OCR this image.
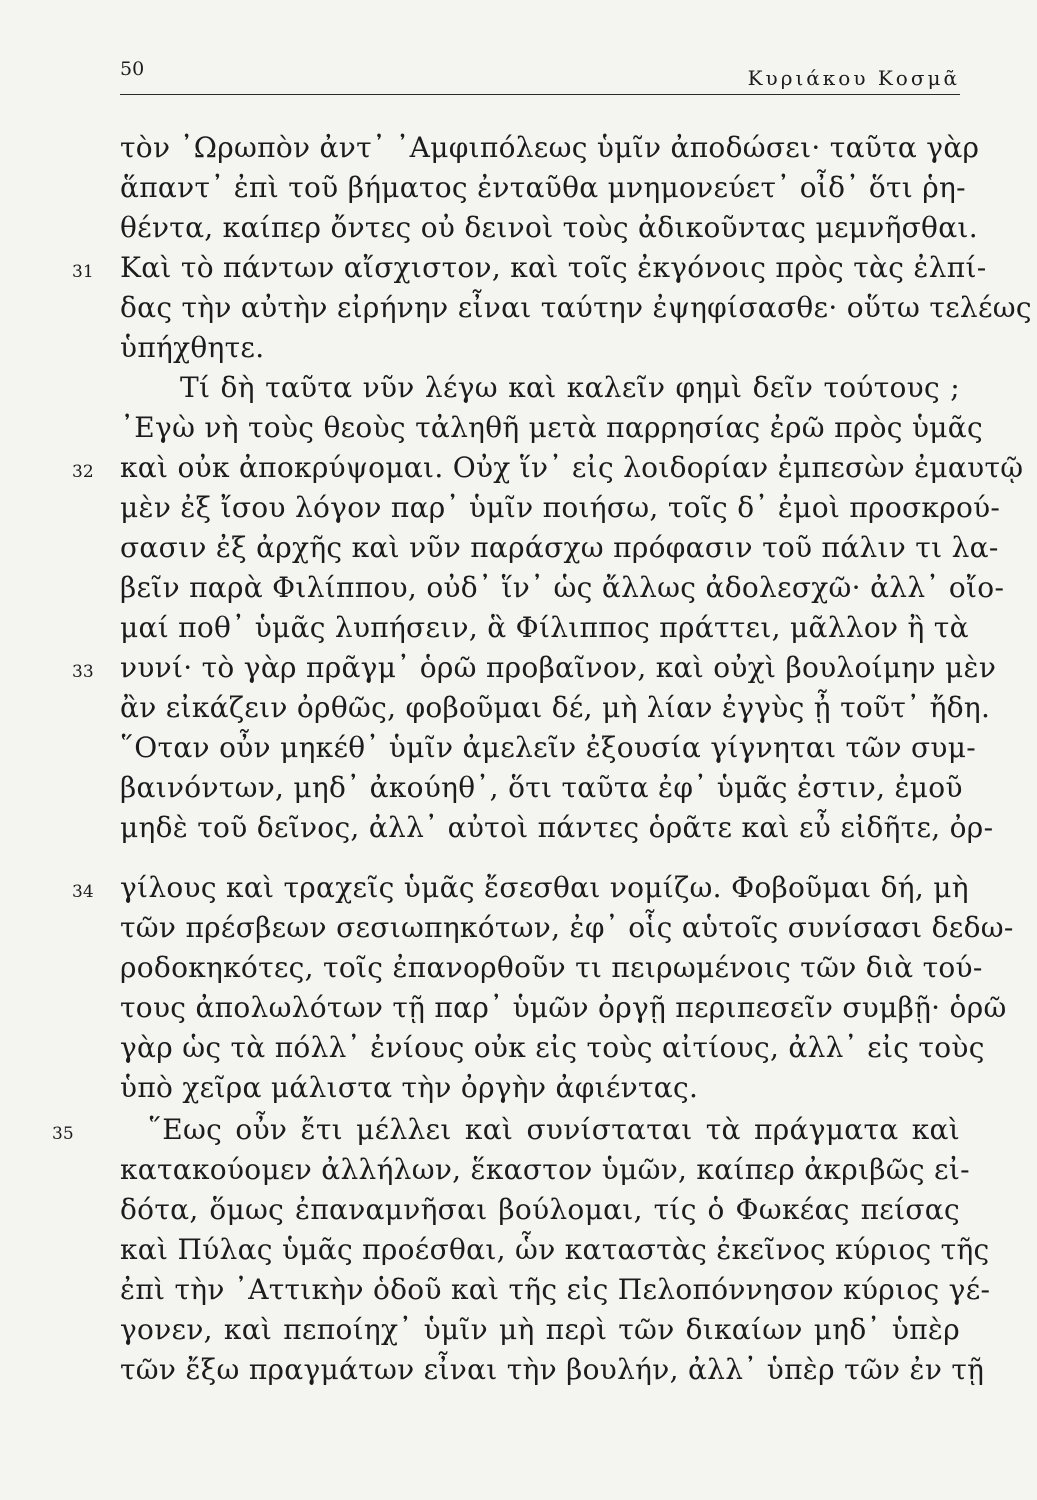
50	Κυριάκου Κοσμᾶ
31
32
33
34
35
τὸν ᾿Ωρωπὸν ἀντ᾿ ᾿Αμφιπόλεως ὑμῖν ἀποδώσει· ταῦτα γὰρ
ἅπαντ᾿ ἐπὶ τοῦ βήματος ἐνταῦθα μνημονεύετ᾿ οἶδ᾿ ὅτι ῥη-
θέντα, καίπερ ὄντες οὐ δεινοὶ τοὺς ἀδικοῦντας μεμνῆσθαι.
Καὶ τὸ πάντων αἴσχιστον, καὶ τοῖς ἐκγόνοις πρὸς τὰς ἐλπί-
δας τὴν αὐτὴν εἰρήνην εἶναι ταύτην ἐψηφίσασθε· οὕτω τελέως
ὑπήχθητε.
Τί δὴ ταῦτα νῦν λέγω καὶ καλεῖν φημὶ δεῖν τούτους ;
᾿Εγὼ νὴ τοὺς θεοὺς τἀληθῆ μετὰ παρρησίας ἐρῶ πρὸς ὑμᾶς
καὶ οὐκ ἀποκρύψομαι. Οὐχ ἵν᾿ εἰς λοιδορίαν ἐμπεσὼν ἐμαυτῷ
μὲν ἐξ ἴσου λόγον παρ᾿ ὑμῖν ποιήσω, τοῖς δ᾿ ἐμοὶ προσκρού-
σασιν ἐξ ἀρχῆς καὶ νῦν παράσχω πρόφασιν τοῦ πάλιν τι λα-
βεῖν παρὰ Φιλίππου, οὐδ᾿ ἵν᾿ ὡς ἄλλως ἀδολεσχῶ· ἀλλ᾿ οἴο-
μαί ποθ᾿ ὑμᾶς λυπήσειν, ἃ Φίλιππος πράττει, μᾶλλον ἢ τὰ
νυνί· τὸ γὰρ πρᾶγμ᾿ ὁρῶ προβαῖνον, καὶ οὐχὶ βουλοίμην μὲν
ἂν εἰκάζειν ὀρθῶς, φοβοῦμαι δέ, μὴ λίαν ἐγγὺς ᾖ τοῦτ᾿ ἤδη.
῞Οταν οὖν μηκέθ᾿ ὑμῖν ἀμελεῖν ἐξουσία γίγνηται τῶν συμ-
βαινόντων, μηδ᾿ ἀκούηθ᾿, ὅτι ταῦτα ἐφ᾿ ὑμᾶς ἐστιν, ἐμοῦ
μηδὲ τοῦ δεῖνος, ἀλλ᾿ αὐτοὶ πάντες ὁρᾶτε καὶ εὖ εἰδῆτε, ὀρ-
γίλους καὶ τραχεῖς ὑμᾶς ἔσεσθαι νομίζω. Φοβοῦμαι δή, μὴ
τῶν πρέσβεων σεσιωπηκότων, ἐφ᾿ οἷς αὑτοῖς συνίσασι δεδω-
ροδοκηκότες, τοῖς ἐπανορθοῦν τι πειρωμένοις τῶν διὰ τού-
τους ἀπολωλότων τῇ παρ᾿ ὑμῶν ὀργῇ περιπεσεῖν συμβῇ· ὁρῶ
γὰρ ὡς τὰ πόλλ᾿ ἐνίους οὐκ εἰς τοὺς αἰτίους, ἀλλ᾿ εἰς τοὺς
ὑπὸ χεῖρα μάλιστα τὴν ὀργὴν ἀφιέντας.
῞Εως οὖν ἔτι μέλλει καὶ συνίσταται τὰ πράγματα καὶ
κατακούομεν ἀλλήλων, ἕκαστον ὑμῶν, καίπερ ἀκριβῶς εἰ-
δότα, ὅμως ἐπαναμνῆσαι βούλομαι, τίς ὁ Φωκέας πείσας
καὶ Πύλας ὑμᾶς προέσθαι, ὧν καταστὰς ἐκεῖνος κύριος τῆς
ἐπὶ τὴν ᾿Αττικὴν ὁδοῦ καὶ τῆς εἰς Πελοπόννησον κύριος γέ-
γονεν, καὶ πεποίηχ᾿ ὑμῖν μὴ περὶ τῶν δικαίων μηδ᾿ ὑπὲρ
τῶν ἔξω πραγμάτων εἶναι τὴν βουλήν, ἀλλ᾿ ὑπὲρ τῶν ἐν τῇ
